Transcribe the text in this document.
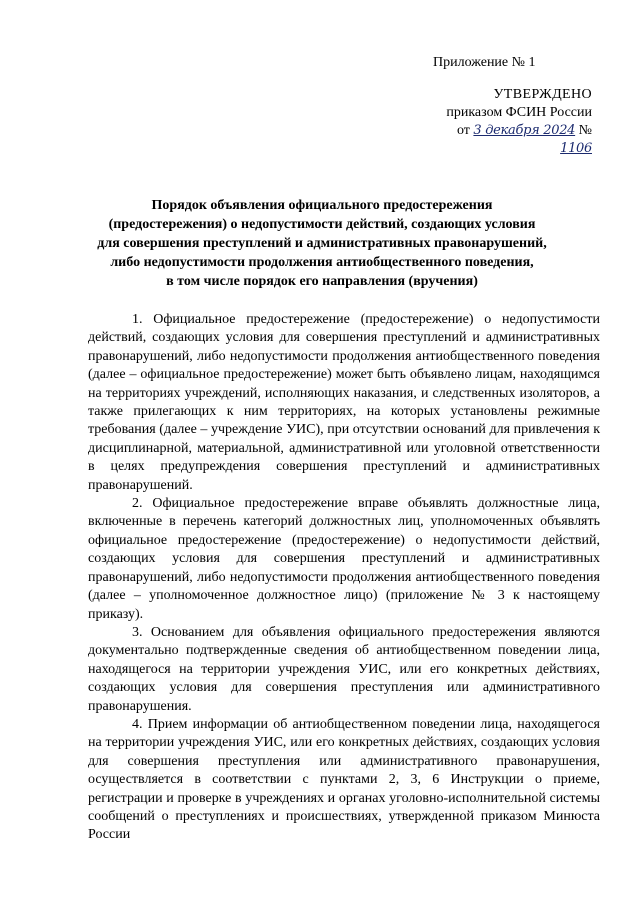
Приложение № 1
УТВЕРЖДЕНО
приказом ФСИН России
от 3 декабря 2024 № 1106
Порядок объявления официального предостережения
(предостережения) о недопустимости действий, создающих условия
для совершения преступлений и административных правонарушений,
либо недопустимости продолжения антиобщественного поведения,
в том числе порядок его направления (вручения)

1. Официальное предостережение (предостережение) о недопустимости действий, создающих условия для совершения преступлений и административных правонарушений, либо недопустимости продолжения антиобщественного поведения (далее – официальное предостережение) может быть объявлено лицам, находящимся на территориях учреждений, исполняющих наказания, и следственных изоляторов, а также прилегающих к ним территориях, на которых установлены режимные требования (далее – учреждение УИС), при отсутствии оснований для привлечения к дисциплинарной, материальной, административной или уголовной ответственности в целях предупреждения совершения преступлений и административных правонарушений.

2. Официальное предостережение вправе объявлять должностные лица, включенные в перечень категорий должностных лиц, уполномоченных объявлять официальное предостережение (предостережение) о недопустимости действий, создающих условия для совершения преступлений и административных правонарушений, либо недопустимости продолжения антиобщественного поведения (далее – уполномоченное должностное лицо) (приложение № 3 к настоящему приказу).

3. Основанием для объявления официального предостережения являются документально подтвержденные сведения об антиобщественном поведении лица, находящегося на территории учреждения УИС, или его конкретных действиях, создающих условия для совершения преступления или административного правонарушения.

4. Прием информации об антиобщественном поведении лица, находящегося на территории учреждения УИС, или его конкретных действиях, создающих условия для совершения преступления или административного правонарушения, осуществляется в соответствии с пунктами 2, 3, 6 Инструкции о приеме, регистрации и проверке в учреждениях и органах уголовно-исполнительной системы сообщений о преступлениях и происшествиях, утвержденной приказом Минюста России
